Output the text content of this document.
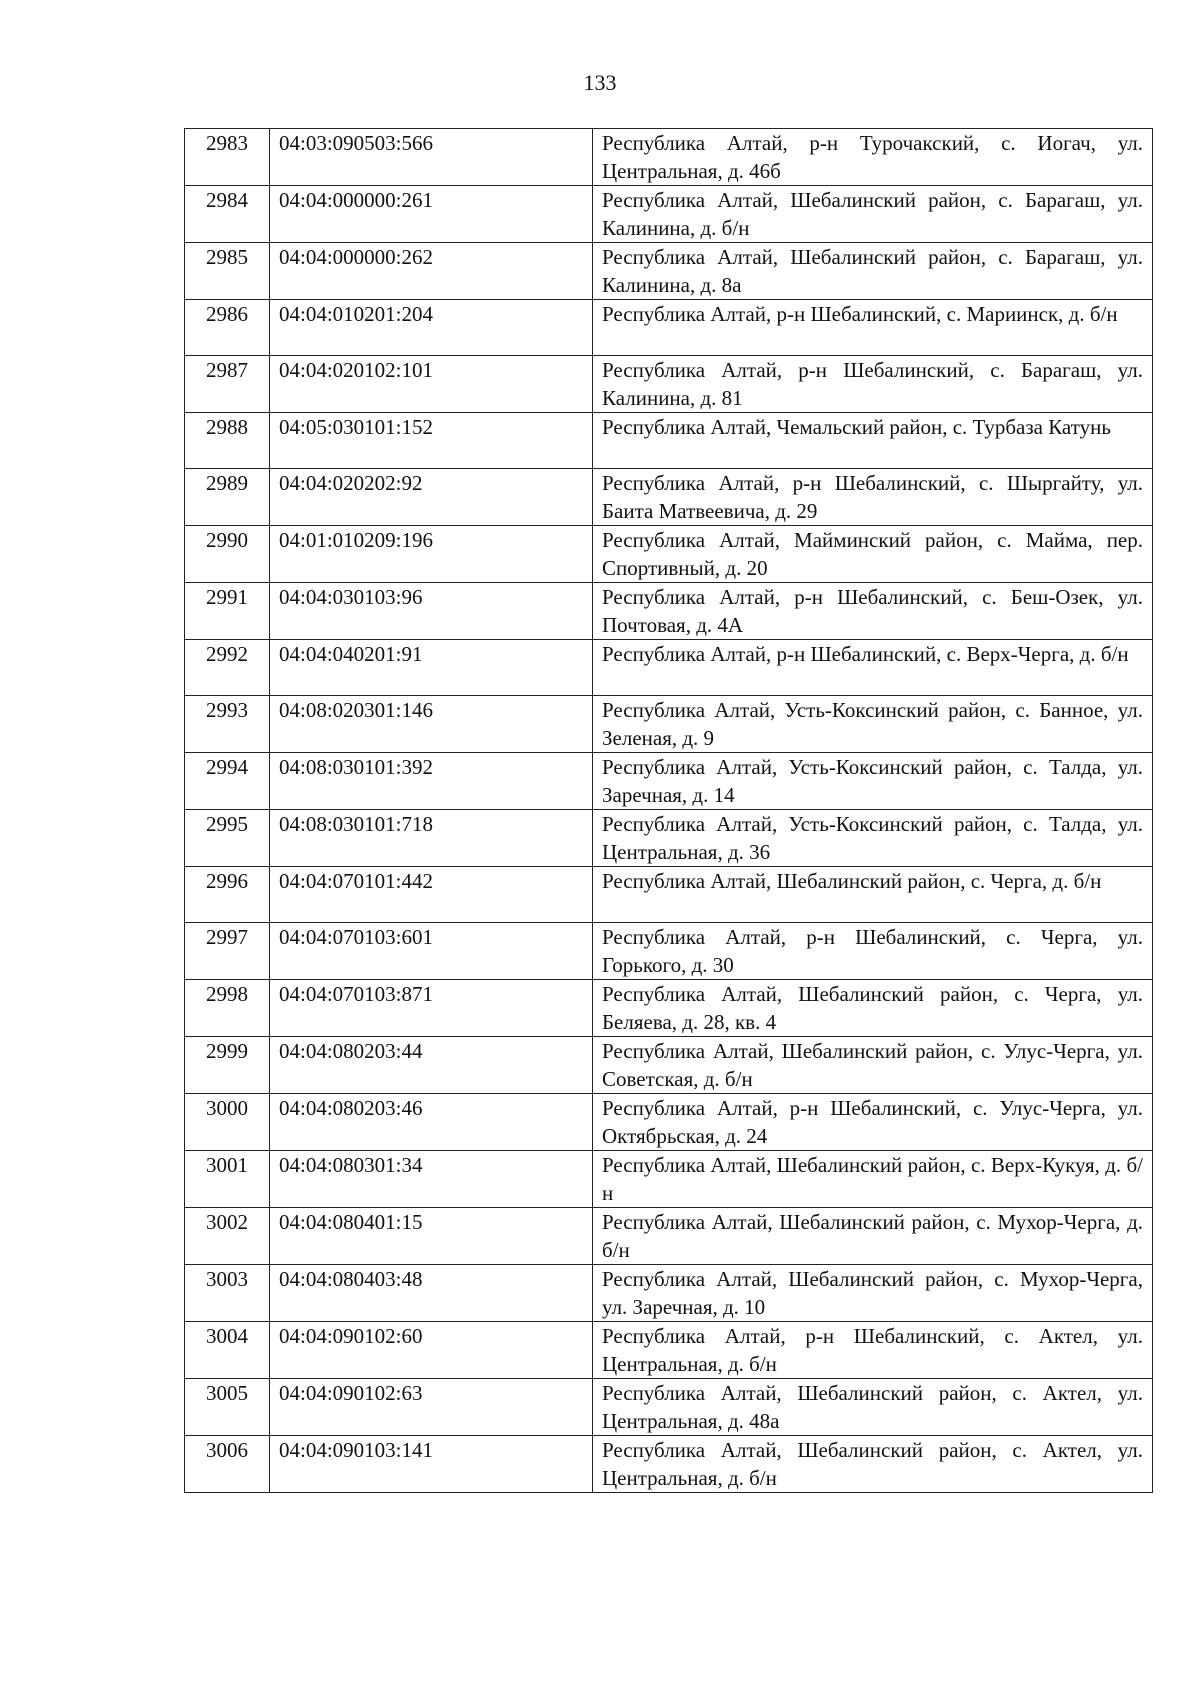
133
2983	04:03:090503:566	Республика Алтай, р-н Турочакский, с. Иогач, ул. Центральная, д. 46б
2984	04:04:000000:261	Республика Алтай, Шебалинский район, с. Барагаш, ул. Калинина, д. б/н
2985	04:04:000000:262	Республика Алтай, Шебалинский район, с. Барагаш, ул. Калинина, д. 8а
2986	04:04:010201:204	Республика Алтай, р-н Шебалинский, с. Мариинск, д. б/н
2987	04:04:020102:101	Республика Алтай, р-н Шебалинский, с. Барагаш, ул. Калинина, д. 81
2988	04:05:030101:152	Республика Алтай, Чемальский район, с. Турбаза Катунь
2989	04:04:020202:92	Республика Алтай, р-н Шебалинский, с. Шыргайту, ул. Баита Матвеевича, д. 29
2990	04:01:010209:196	Республика Алтай, Майминский район, с. Майма, пер. Спортивный, д. 20
2991	04:04:030103:96	Республика Алтай, р-н Шебалинский, с. Беш-Озек, ул. Почтовая, д. 4А
2992	04:04:040201:91	Республика Алтай, р-н Шебалинский, с. Верх-Черга, д. б/н
2993	04:08:020301:146	Республика Алтай, Усть-Коксинский район, с. Банное, ул. Зеленая, д. 9
2994	04:08:030101:392	Республика Алтай, Усть-Коксинский район, с. Талда, ул. Заречная, д. 14
2995	04:08:030101:718	Республика Алтай, Усть-Коксинский район, с. Талда, ул. Центральная, д. 36
2996	04:04:070101:442	Республика Алтай, Шебалинский район, с. Черга, д. б/н
2997	04:04:070103:601	Республика Алтай, р-н Шебалинский, с. Черга, ул. Горького, д. 30
2998	04:04:070103:871	Республика Алтай, Шебалинский район, с. Черга, ул. Беляева, д. 28, кв. 4
2999	04:04:080203:44	Республика Алтай, Шебалинский район, с. Улус-Черга, ул. Советская, д. б/н
3000	04:04:080203:46	Республика Алтай, р-н Шебалинский, с. Улус-Черга, ул. Октябрьская, д. 24
3001	04:04:080301:34	Республика Алтай, Шебалинский район, с. Верх-Кукуя, д. б/н
3002	04:04:080401:15	Республика Алтай, Шебалинский район, с. Мухор-Черга, д. б/н
3003	04:04:080403:48	Республика Алтай, Шебалинский район, с. Мухор-Черга, ул. Заречная, д. 10
3004	04:04:090102:60	Республика Алтай, р-н Шебалинский, с. Актел, ул. Центральная, д. б/н
3005	04:04:090102:63	Республика Алтай, Шебалинский район, с. Актел, ул. Центральная, д. 48а
3006	04:04:090103:141	Республика Алтай, Шебалинский район, с. Актел, ул. Центральная, д. б/н
